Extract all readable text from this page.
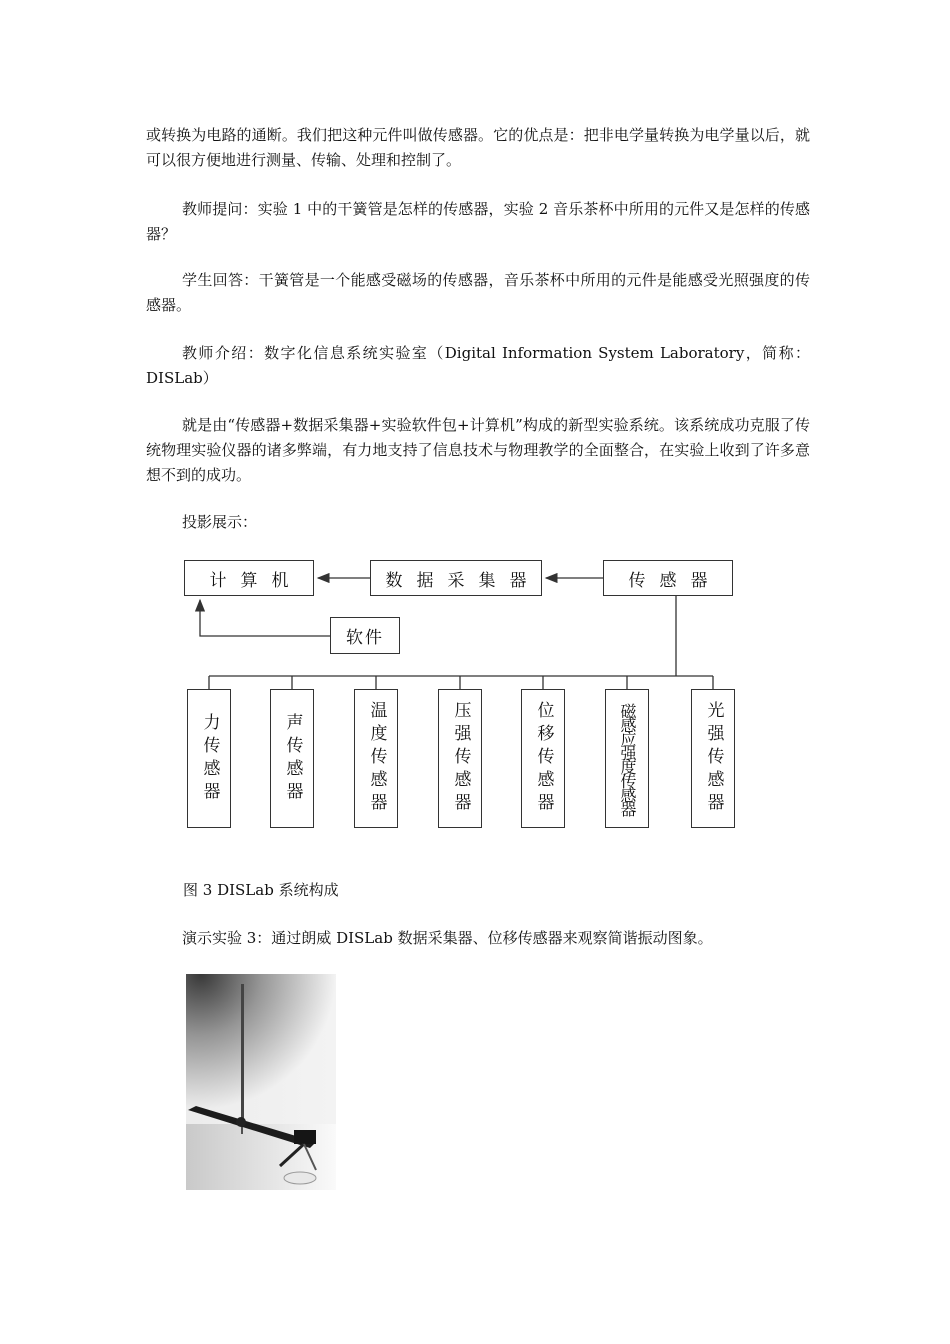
或转换为电路的通断。我们把这种元件叫做传感器。它的优点是：把非电学量转换为电学量以后，就可以很方便地进行测量、传输、处理和控制了。

教师提问：实验 1 中的干簧管是怎样的传感器，实验 2 音乐茶杯中所用的元件又是怎样的传感器？

学生回答：干簧管是一个能感受磁场的传感器，音乐茶杯中所用的元件是能感受光照强度的传感器。

教师介绍：数字化信息系统实验室（Digital Information System Laboratory，简称：DISLab）

就是由“传感器+数据采集器+实验软件包+计算机”构成的新型实验系统。该系统成功克服了传统物理实验仪器的诸多弊端，有力地支持了信息技术与物理教学的全面整合，在实验上收到了许多意想不到的成功。

投影展示：

计算机	数据采集器	传感器
软件
力传感器	声传感器	温度传感器	压强传感器	位移传感器	磁感应强度传感器	光强传感器

图 3 DISLab 系统构成

演示实验 3：通过朗威 DISLab 数据采集器、位移传感器来观察简谐振动图象。
